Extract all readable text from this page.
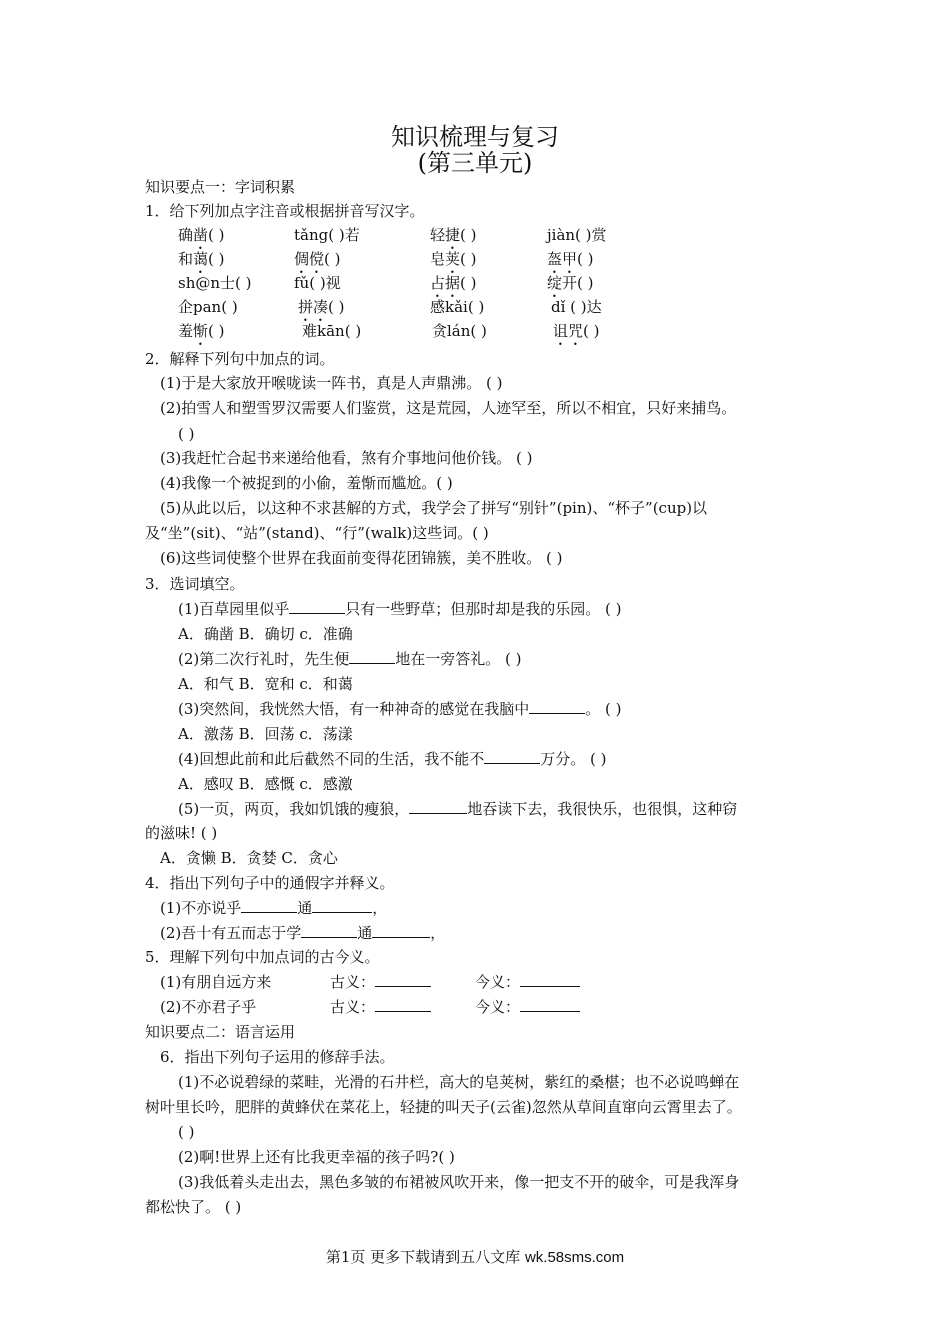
知识梳理与复习
(第三单元)
知识要点一：字词积累
1．给下列加点字注音或根据拼音写汉字。
确凿( )	tǎng( )若	轻捷( )	jiàn( )赏
和蔼( )	倜傥( )	皂荚( )	盔甲( )
sh@n士( )	fǔ( )视	占据( )	绽开( )
企pan( )	拼凑( )	感kǎi( )	dǐ ( )达
羞惭( )	难kān( )	贪lán( )	诅咒( )
2．解释下列句中加点的词。
(1)于是大家放开喉咙读一阵书，真是人声鼎沸。 ( )
(2)拍雪人和塑雪罗汉需要人们鉴赏，这是荒园，人迹罕至，所以不相宜，只好来捕鸟。
( )
(3)我赶忙合起书来递给他看，煞有介事地问他价钱。 ( )
(4)我像一个被捉到的小偷，羞惭而尴尬。( )
(5)从此以后，以这种不求甚解的方式，我学会了拼写“别针”(pin)、“杯子”(cup)以
及“坐”(sit)、“站”(stand)、“行”(walk)这些词。( )
(6)这些词使整个世界在我面前变得花团锦簇，美不胜收。 ( )
3．选词填空。
(1)百草园里似乎	只有一些野草；但那时却是我的乐园。 ( )
A．确凿 B．确切 c．准确
(2)第二次行礼时，先生便	地在一旁答礼。 ( )
A．和气 B．宽和 c．和蔼
(3)突然间，我恍然大悟，有一种神奇的感觉在我脑中	。 ( )
A．激荡 B．回荡 c．荡漾
(4)回想此前和此后截然不同的生活，我不能不	万分。 ( )
A．感叹 B．感慨 c．感激
(5)一页，两页，我如饥饿的瘦狼，	地吞读下去，我很快乐，也很惧，这种窃
的滋味! ( )
A．贪懒 B．贪婪 C．贪心
4．指出下列句子中的通假字并释义。
(1)不亦说乎	通	，
(2)吾十有五而志于学	通	，
5．理解下列句中加点词的古今义。
(1)有朋自远方来	古义：	今义：
(2)不亦君子乎	古义：	今义：
知识要点二：语言运用
6．指出下列句子运用的修辞手法。
(1)不必说碧绿的菜畦，光滑的石井栏，高大的皂荚树，紫红的桑椹；也不必说鸣蝉在
树叶里长吟，肥胖的黄蜂伏在菜花上，轻捷的叫天子(云雀)忽然从草间直窜向云霄里去了。
( )
(2)啊!世界上还有比我更幸福的孩子吗?( )
(3)我低着头走出去，黑色多皱的布裙被风吹开来，像一把支不开的破伞，可是我浑身
都松快了。 ( )
第1页 更多下载请到五八文库 wk.58sms.com
